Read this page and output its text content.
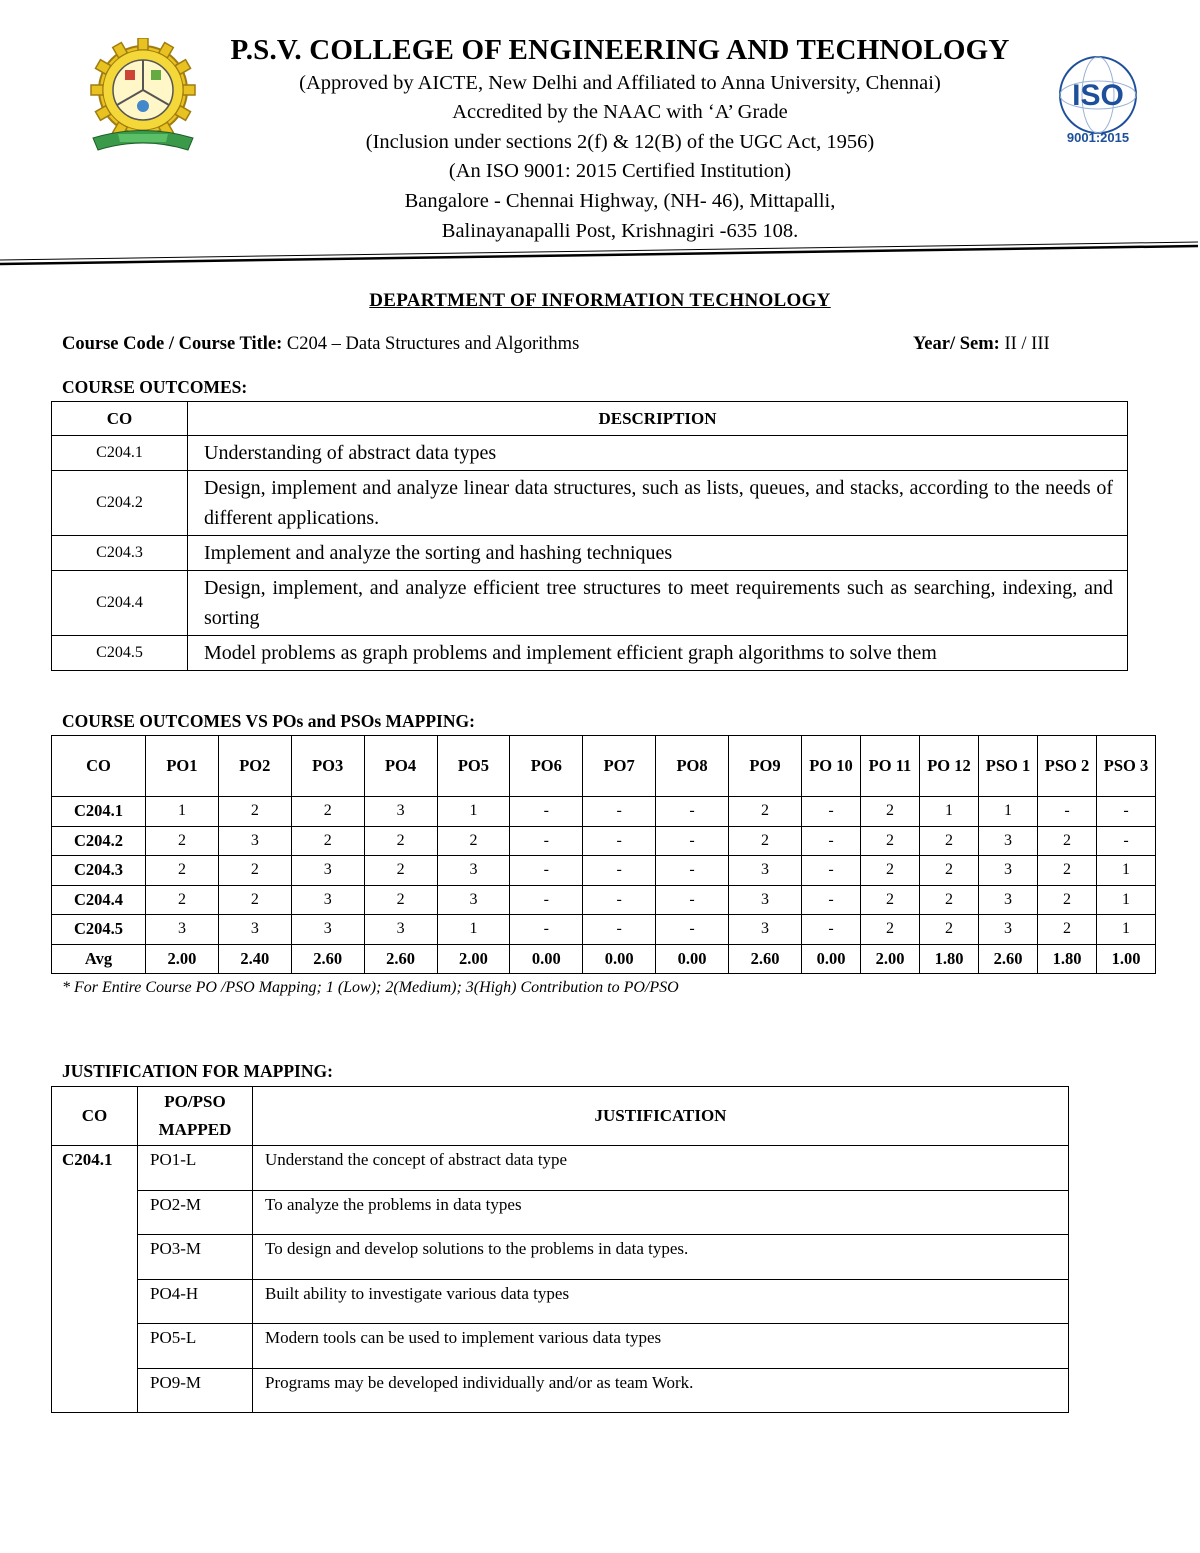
ISO
9001:2015
P.S.V. COLLEGE OF ENGINEERING AND TECHNOLOGY
(Approved by AICTE, New Delhi and Affiliated to Anna University, Chennai)
Accredited by the NAAC with ‘A’ Grade
(Inclusion under sections 2(f) & 12(B) of the UGC Act, 1956)
(An ISO 9001: 2015 Certified Institution)
Bangalore - Chennai Highway, (NH- 46), Mittapalli,
Balinayanapalli Post, Krishnagiri -635 108.
DEPARTMENT OF INFORMATION TECHNOLOGY
Course Code / Course Title: C204 – Data Structures and Algorithms	Year/ Sem: II / III
COURSE OUTCOMES:
CO	DESCRIPTION
C204.1	Understanding of abstract data types
C204.2	Design, implement and analyze linear data structures, such as lists, queues, and stacks, according to the needs of different applications.
C204.3	Implement and analyze the sorting and hashing techniques
C204.4	Design, implement, and analyze efficient tree structures to meet requirements such as searching, indexing, and sorting
C204.5	Model problems as graph problems and implement efficient graph algorithms to solve them
COURSE OUTCOMES VS POs and PSOs MAPPING:
CO	PO1	PO2	PO3	PO4	PO5	PO6	PO7	PO8	PO9	PO 10	PO 11	PO 12	PSO 1	PSO 2	PSO 3
C204.1	1	2	2	3	1	-	-	-	2	-	2	1	1	-	-
C204.2	2	3	2	2	2	-	-	-	2	-	2	2	3	2	-
C204.3	2	2	3	2	3	-	-	-	3	-	2	2	3	2	1
C204.4	2	2	3	2	3	-	-	-	3	-	2	2	3	2	1
C204.5	3	3	3	3	1	-	-	-	3	-	2	2	3	2	1
Avg	2.00	2.40	2.60	2.60	2.00	0.00	0.00	0.00	2.60	0.00	2.00	1.80	2.60	1.80	1.00
* For Entire Course PO /PSO Mapping; 1 (Low); 2(Medium); 3(High) Contribution to PO/PSO
JUSTIFICATION FOR MAPPING:
CO	PO/PSO MAPPED	JUSTIFICATION
C204.1	PO1-L	Understand the concept of abstract data type
	PO2-M	To analyze the problems in data types
	PO3-M	To design and develop solutions to the problems in data types.
	PO4-H	Built ability to investigate various data types
	PO5-L	Modern tools can be used to implement various data types
	PO9-M	Programs may be developed individually and/or as team Work.
